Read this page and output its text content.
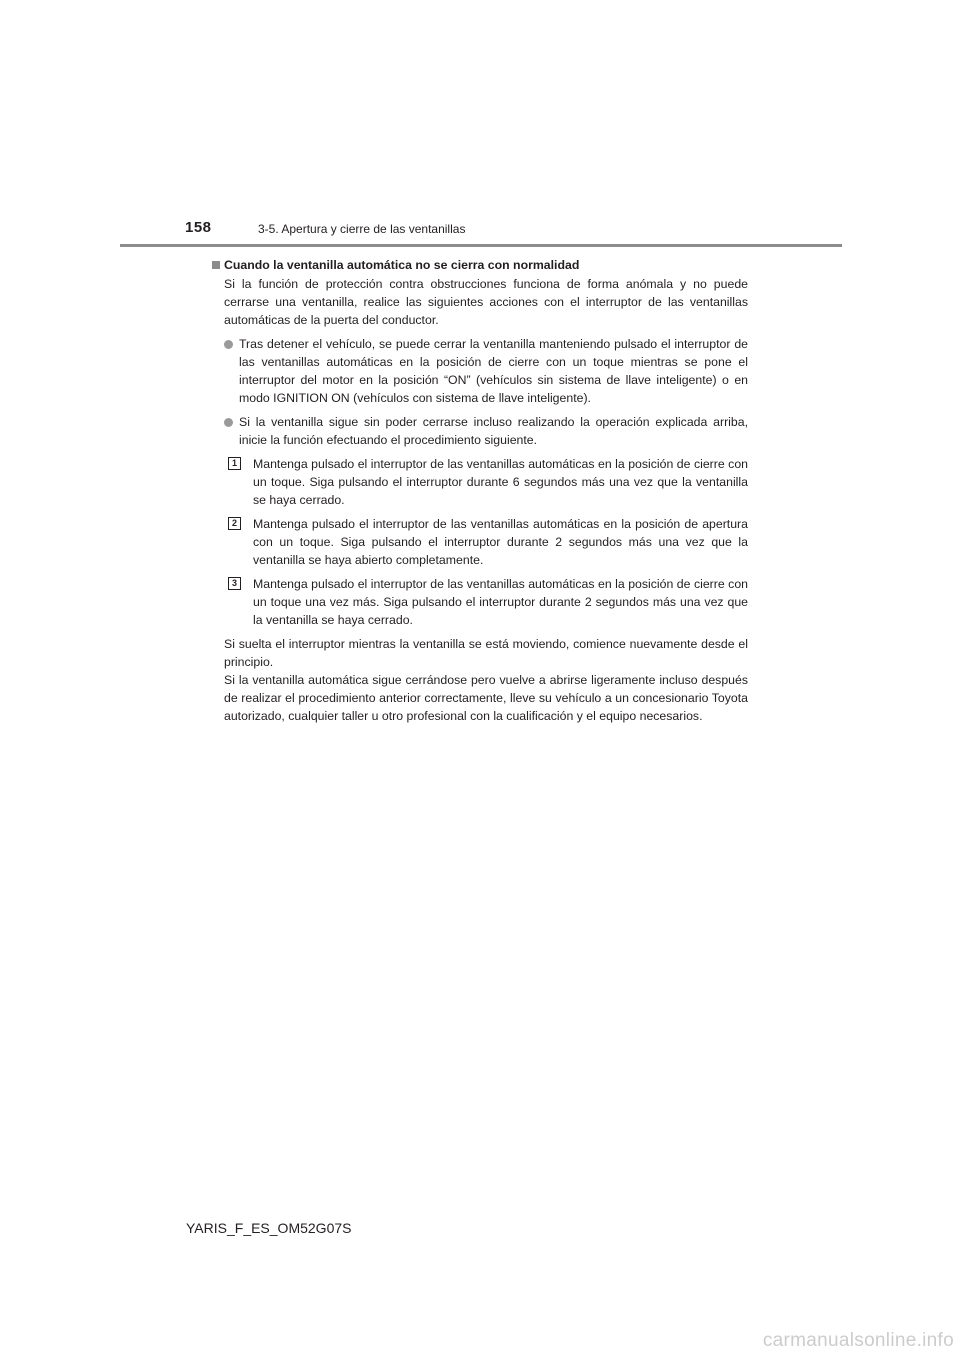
158	3-5. Apertura y cierre de las ventanillas
Cuando la ventanilla automática no se cierra con normalidad
Si la función de protección contra obstrucciones funciona de forma anómala y no puede cerrarse una ventanilla, realice las siguientes acciones con el interruptor de las ventanillas automáticas de la puerta del conductor.
Tras detener el vehículo, se puede cerrar la ventanilla manteniendo pulsado el interruptor de las ventanillas automáticas en la posición de cierre con un toque mientras se pone el interruptor del motor en la posición “ON” (vehículos sin sistema de llave inteligente) o en modo IGNITION ON (vehículos con sistema de llave inteligente).
Si la ventanilla sigue sin poder cerrarse incluso realizando la operación explicada arriba, inicie la función efectuando el procedimiento siguiente.
1	Mantenga pulsado el interruptor de las ventanillas automáticas en la posición de cierre con un toque. Siga pulsando el interruptor durante 6 segundos más una vez que la ventanilla se haya cerrado.
2	Mantenga pulsado el interruptor de las ventanillas automáticas en la posición de apertura con un toque. Siga pulsando el interruptor durante 2 segundos más una vez que la ventanilla se haya abierto completamente.
3	Mantenga pulsado el interruptor de las ventanillas automáticas en la posición de cierre con un toque una vez más. Siga pulsando el interruptor durante 2 segundos más una vez que la ventanilla se haya cerrado.
Si suelta el interruptor mientras la ventanilla se está moviendo, comience nuevamente desde el principio.
Si la ventanilla automática sigue cerrándose pero vuelve a abrirse ligeramente incluso después de realizar el procedimiento anterior correctamente, lleve su vehículo a un concesionario Toyota autorizado, cualquier taller u otro profesional con la cualificación y el equipo necesarios.
YARIS_F_ES_OM52G07S
carmanualsonline.info
